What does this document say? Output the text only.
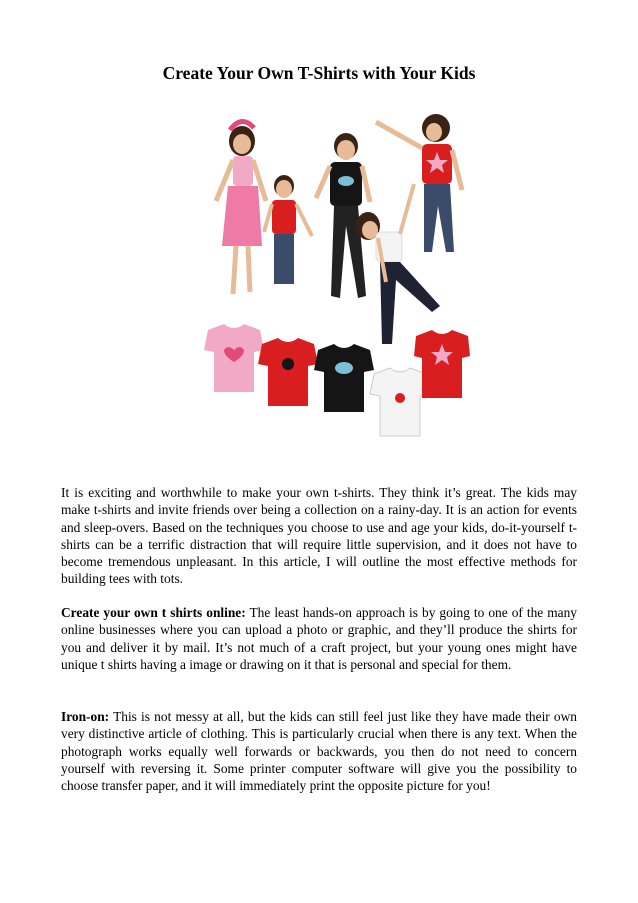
Create Your Own T-Shirts with Your Kids

It is exciting and worthwhile to make your own t-shirts. They think it’s great. The kids may make t-shirts and invite friends over being a collection on a rainy-day. It is an action for events and sleep-overs. Based on the techniques you choose to use and age your kids, do-it-yourself t-shirts can be a terrific distraction that will require little supervision, and it does not have to become tremendous unpleasant. In this article, I will outline the most effective methods for building tees with tots.

Create your own t shirts online: The least hands-on approach is by going to one of the many online businesses where you can upload a photo or graphic, and they’ll produce the shirts for you and deliver it by mail. It’s not much of a craft project, but your young ones might have unique t shirts having a image or drawing on it that is personal and special for them.

Iron-on: This is not messy at all, but the kids can still feel just like they have made their own very distinctive article of clothing. This is particularly crucial when there is any text. When the photograph works equally well forwards or backwards, you then do not need to concern yourself with reversing it. Some printer computer software will give you the possibility to choose transfer paper, and it will immediately print the opposite picture for you!
